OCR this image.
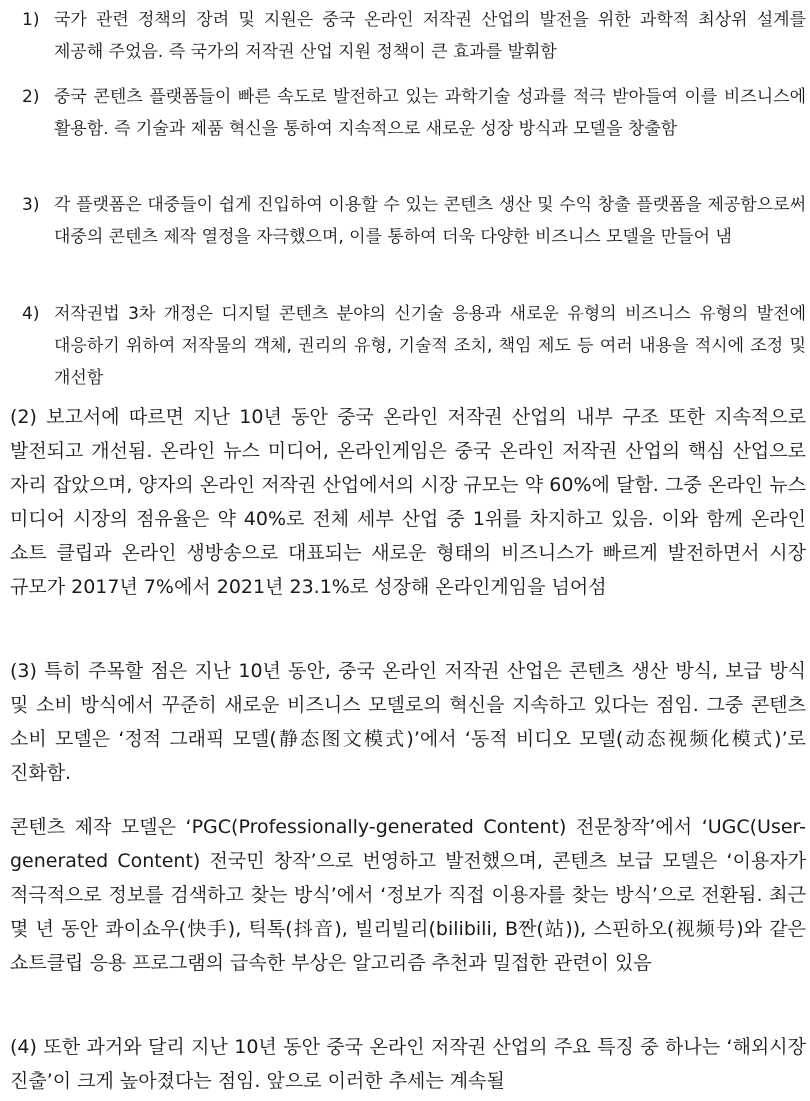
1) 국가 관련 정책의 장려 및 지원은 중국 온라인 저작권 산업의 발전을 위한 과학적 최상위 설계를 제공해 주었음. 즉 국가의 저작권 산업 지원 정책이 큰 효과를 발휘함
2) 중국 콘텐츠 플랫폼들이 빠른 속도로 발전하고 있는 과학기술 성과를 적극 받아들여 이를 비즈니스에 활용함. 즉 기술과 제품 혁신을 통하여 지속적으로 새로운 성장 방식과 모델을 창출함
3) 각 플랫폼은 대중들이 쉽게 진입하여 이용할 수 있는 콘텐츠 생산 및 수익 창출 플랫폼을 제공함으로써 대중의 콘텐츠 제작 열정을 자극했으며, 이를 통하여 더욱 다양한 비즈니스 모델을 만들어 냄
4) 저작권법 3차 개정은 디지털 콘텐츠 분야의 신기술 응용과 새로운 유형의 비즈니스 유형의 발전에 대응하기 위하여 저작물의 객체, 권리의 유형, 기술적 조치, 책임 제도 등 여러 내용을 적시에 조정 및 개선함
(2) 보고서에 따르면 지난 10년 동안 중국 온라인 저작권 산업의 내부 구조 또한 지속적으로 발전되고 개선됨. 온라인 뉴스 미디어, 온라인게임은 중국 온라인 저작권 산업의 핵심 산업으로 자리 잡았으며, 양자의 온라인 저작권 산업에서의 시장 규모는 약 60%에 달함. 그중 온라인 뉴스 미디어 시장의 점유율은 약 40%로 전체 세부 산업 중 1위를 차지하고 있음. 이와 함께 온라인 쇼트 클립과 온라인 생방송으로 대표되는 새로운 형태의 비즈니스가 빠르게 발전하면서 시장 규모가 2017년 7%에서 2021년 23.1%로 성장해 온라인게임을 넘어섬
(3) 특히 주목할 점은 지난 10년 동안, 중국 온라인 저작권 산업은 콘텐츠 생산 방식, 보급 방식 및 소비 방식에서 꾸준히 새로운 비즈니스 모델로의 혁신을 지속하고 있다는 점임. 그중 콘텐츠 소비 모델은 ‘정적 그래픽 모델(静态图文模式)’에서 ‘동적 비디오 모델(动态视频化模式)’로 진화함.
콘텐츠 제작 모델은 ‘PGC(Professionally-generated Content) 전문창작’에서 ‘UGC(User-generated Content) 전국민 창작’으로 번영하고 발전했으며, 콘텐츠 보급 모델은 ‘이용자가 적극적으로 정보를 검색하고 찾는 방식’에서 ‘정보가 직접 이용자를 찾는 방식’으로 전환됨. 최근 몇 년 동안 콰이쇼우(快手), 틱톡(抖音), 빌리빌리(bilibili, B짠(站)), 스핀하오(视频号)와 같은 쇼트클립 응용 프로그램의 급속한 부상은 알고리즘 추천과 밀접한 관련이 있음
(4) 또한 과거와 달리 지난 10년 동안 중국 온라인 저작권 산업의 주요 특징 중 하나는 ‘해외시장 진출’이 크게 높아졌다는 점임. 앞으로 이러한 추세는 계속될
